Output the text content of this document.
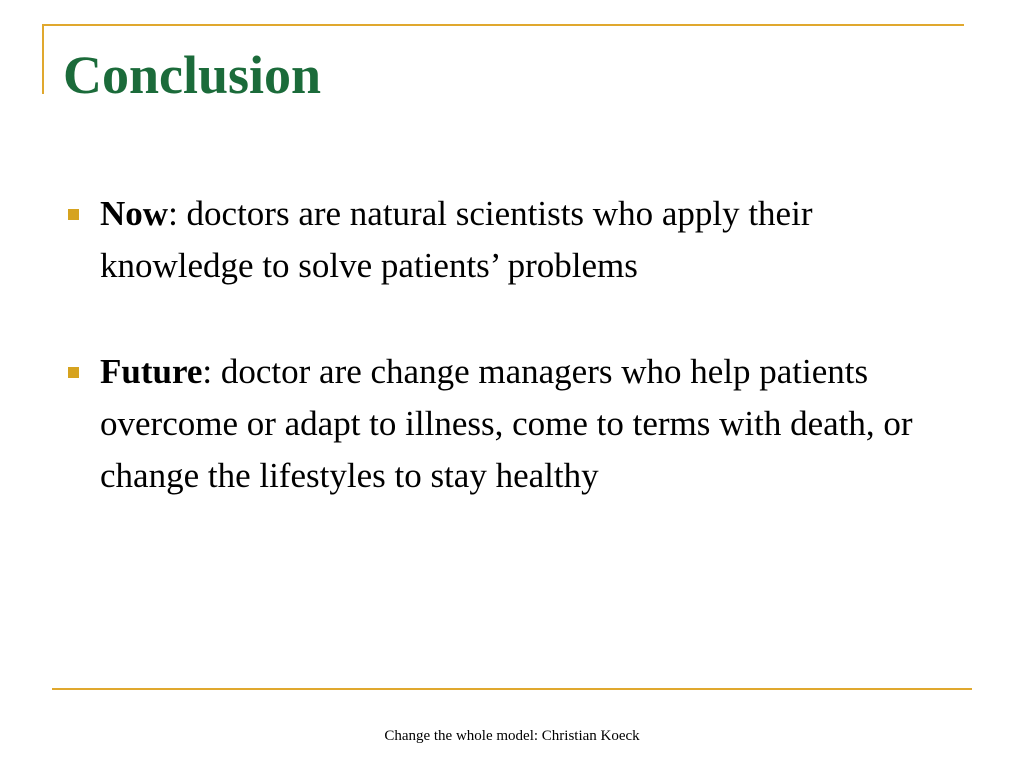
Conclusion
Now: doctors are natural scientists who apply their knowledge to solve patients’ problems
Future: doctor are change managers who help patients overcome or adapt to illness, come to terms with death, or change the lifestyles to stay healthy
Change the whole model: Christian Koeck
